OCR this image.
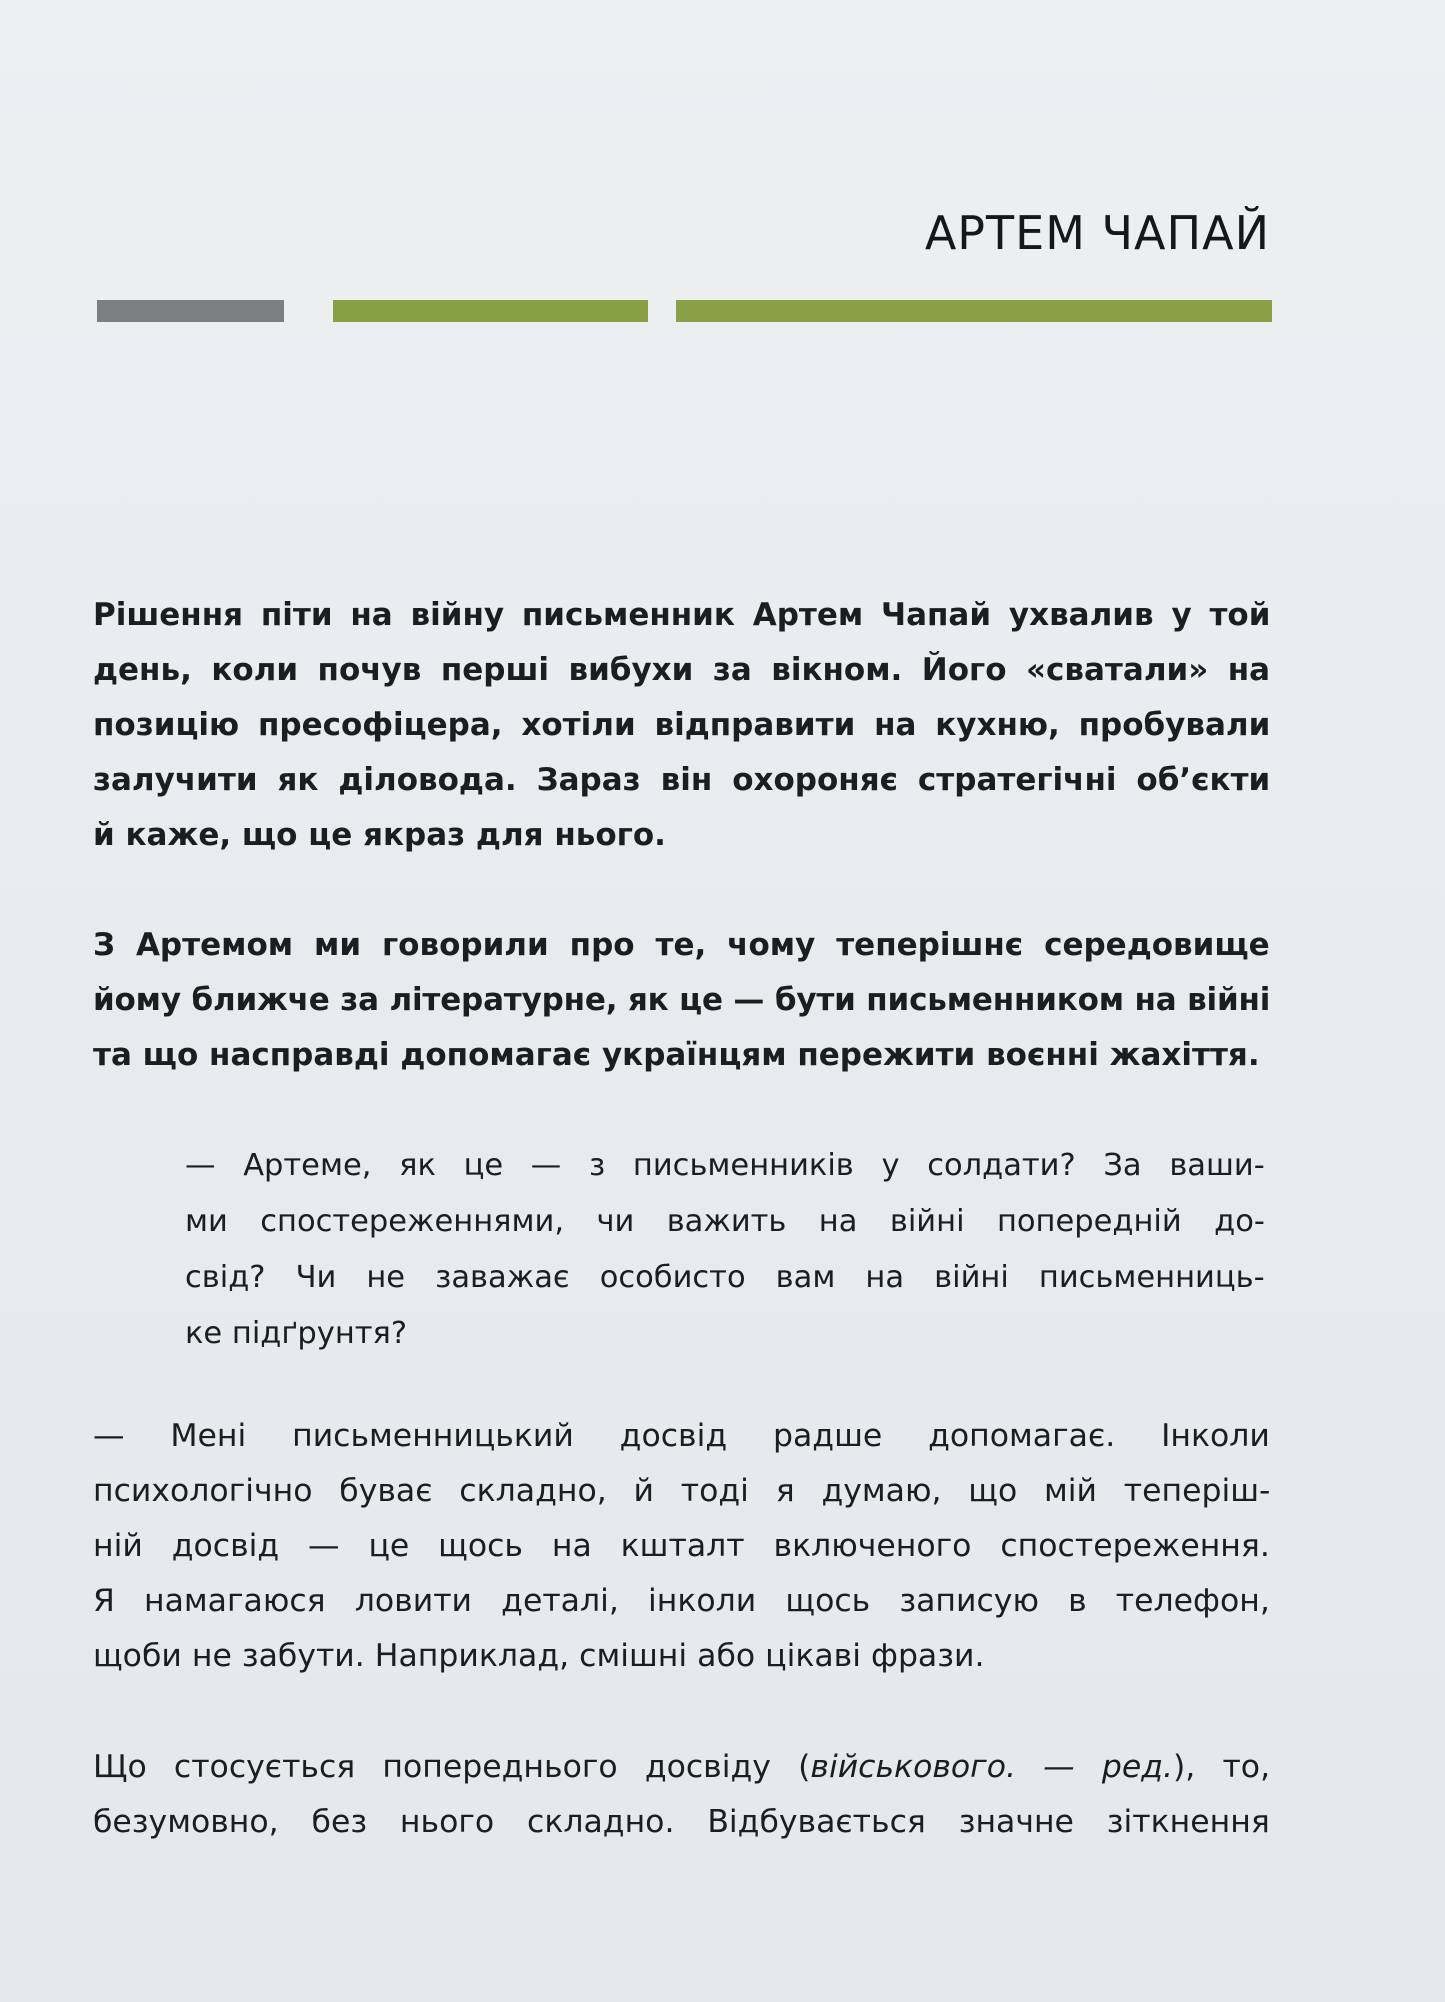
АРТЕМ ЧАПАЙ

Рішення піти на війну письменник Артем Чапай ухвалив у той
день, коли почув перші вибухи за вікном. Його «сватали» на
позицію пресофіцера, хотіли відправити на кухню, пробували
залучити як діловода. Зараз він охороняє стратегічні об’єкти
й каже, що це якраз для нього.

З Артемом ми говорили про те, чому теперішнє середовище
йому ближче за літературне, як це — бути письменником на війні
та що насправді допомагає українцям пережити воєнні жахіття.

— Артеме, як це — з письменників у солдати? За ваши-
ми спостереженнями, чи важить на війні попередній до-
свід? Чи не заважає особисто вам на війні письменниць-
ке підґрунтя?

— Мені письменницький досвід радше допомагає. Інколи
психологічно буває складно, й тоді я думаю, що мій теперіш-
ній досвід — це щось на кшталт включеного спостереження.
Я намагаюся ловити деталі, інколи щось записую в телефон,
щоби не забути. Наприклад, смішні або цікаві фрази.

Що стосується попереднього досвіду (військового. — ред.), то,
безумовно, без нього складно. Відбувається значне зіткнення
